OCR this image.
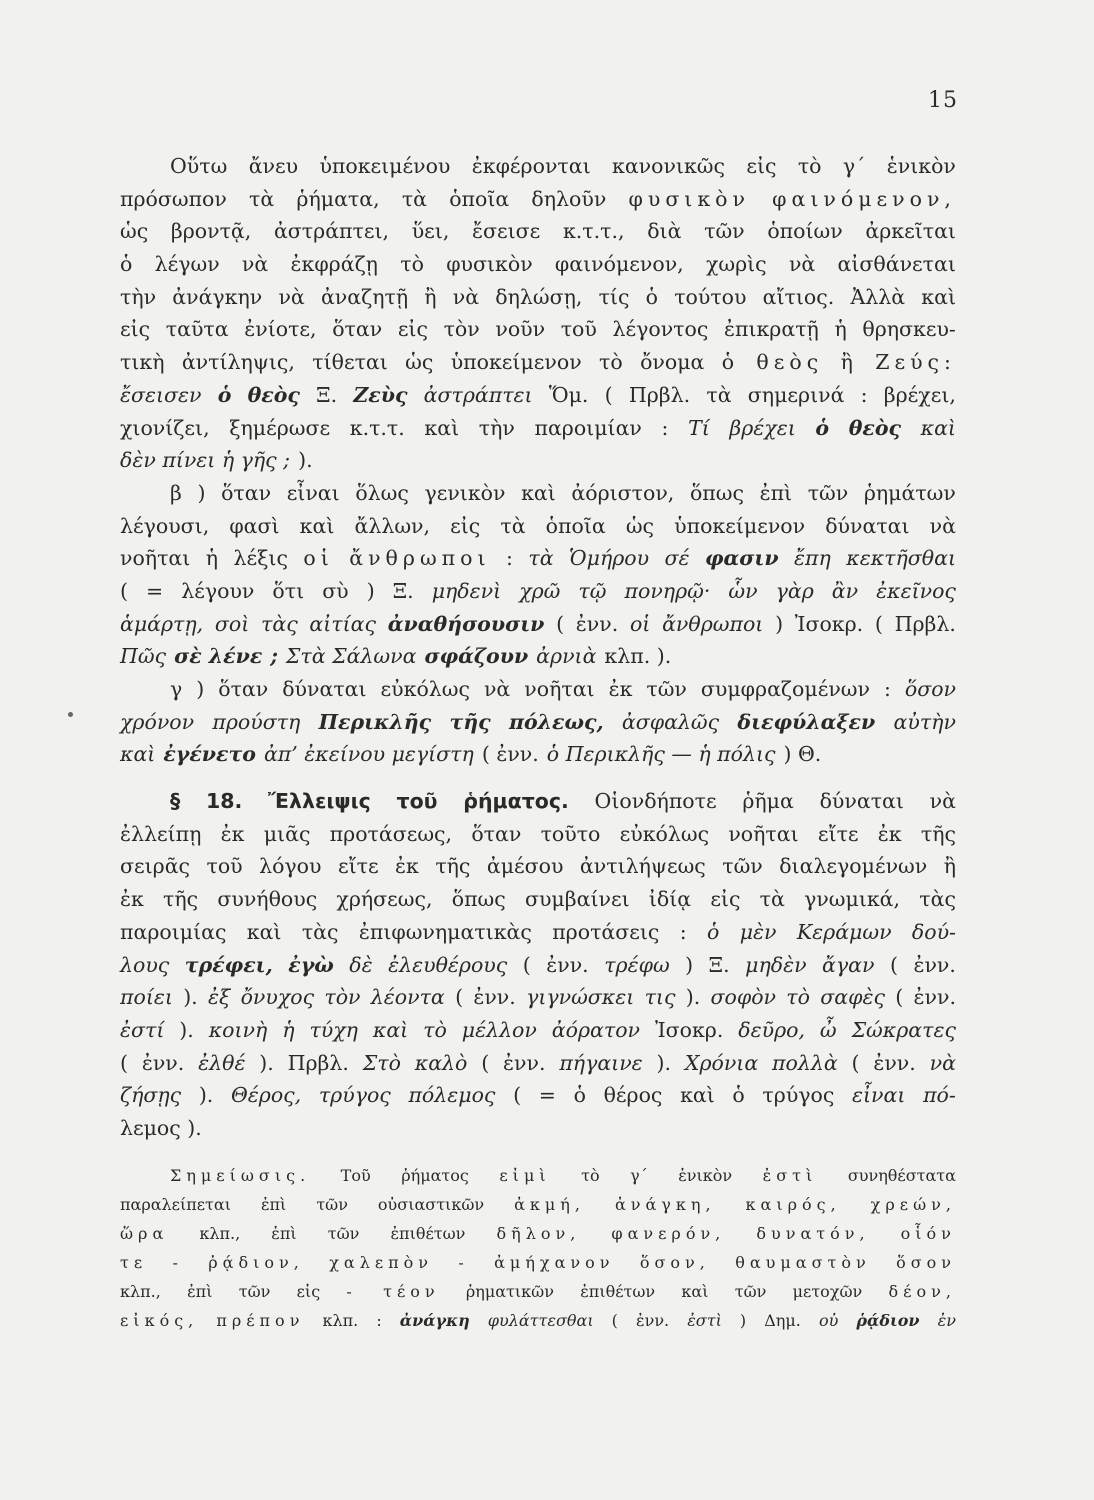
15
Οὕτω ἄνευ ὑποκειμένου ἐκφέρονται κανονικῶς εἰς τὸ γ΄ ἑνικὸν
πρόσωπον τὰ ῥήματα, τὰ ὁποῖα δηλοῦν φυσικὸν φαινόμενον,
ὡς βροντᾷ, ἀστράπτει, ὕει, ἔσεισε κ.τ.τ., διὰ τῶν ὁποίων ἀρκεῖται
ὁ λέγων νὰ ἐκφράζῃ τὸ φυσικὸν φαινόμενον, χωρὶς νὰ αἰσθάνεται
τὴν ἀνάγκην νὰ ἀναζητῇ ἢ νὰ δηλώσῃ, τίς ὁ τούτου αἴτιος. Ἀλλὰ καὶ
εἰς ταῦτα ἐνίοτε, ὅταν εἰς τὸν νοῦν τοῦ λέγοντος ἐπικρατῇ ἡ θρησκευ-
τικὴ ἀντίληψις, τίθεται ὡς ὑποκείμενον τὸ ὄνομα ὁ θεὸς ἢ Ζεύς:
ἔσεισεν ὁ θεὸς Ξ. Ζεὺς ἀστράπτει Ὅμ. ( Πρβλ. τὰ σημερινά : βρέχει,
χιονίζει, ξημέρωσε κ.τ.τ. καὶ τὴν παροιμίαν : Τί βρέχει ὁ θεὸς καὶ
δὲν πίνει ἡ γῆς ; ).
β ) ὅταν εἶναι ὅλως γενικὸν καὶ ἀόριστον, ὅπως ἐπὶ τῶν ῥημάτων
λέγουσι, φασὶ καὶ ἄλλων, εἰς τὰ ὁποῖα ὡς ὑποκείμενον δύναται νὰ
νοῆται ἡ λέξις οἱ ἄνθρωποι : τὰ Ὁμήρου σέ φασιν ἔπη κεκτῆσθαι
( = λέγουν ὅτι σὺ ) Ξ. μηδενὶ χρῶ τῷ πονηρῷ· ὧν γὰρ ἂν ἐκεῖνος
ἁμάρτῃ, σοὶ τὰς αἰτίας ἀναθήσουσιν ( ἐνν. οἱ ἄνθρωποι ) Ἰσοκρ. ( Πρβλ.
Πῶς σὲ λένε ; Στὰ Σάλωνα σφάζουν ἀρνιὰ κλπ. ).
γ ) ὅταν δύναται εὐκόλως νὰ νοῆται ἐκ τῶν συμφραζομένων : ὅσον
χρόνον προύστη Περικλῆς τῆς πόλεως, ἀσφαλῶς διεφύλαξεν αὐτὴν
καὶ ἐγένετο ἀπ’ ἐκείνου μεγίστη ( ἐνν. ὁ Περικλῆς — ἡ πόλις ) Θ.
§ 18. Ἔλλειψις τοῦ ῥήματος. Οἱονδήποτε ῥῆμα δύναται νὰ
ἐλλείπῃ ἐκ μιᾶς προτάσεως, ὅταν τοῦτο εὐκόλως νοῆται εἴτε ἐκ τῆς
σειρᾶς τοῦ λόγου εἴτε ἐκ τῆς ἀμέσου ἀντιλήψεως τῶν διαλεγομένων ἢ
ἐκ τῆς συνήθους χρήσεως, ὅπως συμβαίνει ἰδίᾳ εἰς τὰ γνωμικά, τὰς
παροιμίας καὶ τὰς ἐπιφωνηματικὰς προτάσεις : ὁ μὲν Κεράμων δού-
λους τρέφει, ἐγὼ δὲ ἐλευθέρους ( ἐνν. τρέφω ) Ξ. μηδὲν ἄγαν ( ἐνν.
ποίει ). ἐξ ὄνυχος τὸν λέοντα ( ἐνν. γιγνώσκει τις ). σοφὸν τὸ σαφὲς ( ἐνν.
ἐστί ). κοινὴ ἡ τύχη καὶ τὸ μέλλον ἀόρατον Ἰσοκρ. δεῦρο, ὦ Σώκρατες
( ἐνν. ἐλθέ ). Πρβλ. Στὸ καλὸ ( ἐνν. πήγαινε ). Χρόνια πολλὰ ( ἐνν. νὰ
ζήσῃς ). Θέρος, τρύγος πόλεμος ( = ὁ θέρος καὶ ὁ τρύγος εἶναι πό-
λεμος ).
Σημείωσις. Τοῦ ῥήματος εἰμὶ τὸ γ΄ ἑνικὸν ἐστὶ συνηθέστατα
παραλείπεται ἐπὶ τῶν οὐσιαστικῶν ἀκμή, ἀνάγκη, καιρός, χρεών,
ὥρα κλπ., ἐπὶ τῶν ἐπιθέτων δῆλον, φανερόν, δυνατόν, οἷόν
τε - ῥᾴδιον, χαλεπὸν - ἀμήχανον ὅσον, θαυμαστὸν ὅσον
κλπ., ἐπὶ τῶν εἰς - τέον ῥηματικῶν ἐπιθέτων καὶ τῶν μετοχῶν δέον,
εἰκός, πρέπον κλπ. : ἀνάγκη φυλάττεσθαι ( ἐνν. ἐστὶ ) Δημ. οὐ ῥᾴδιον ἐν
